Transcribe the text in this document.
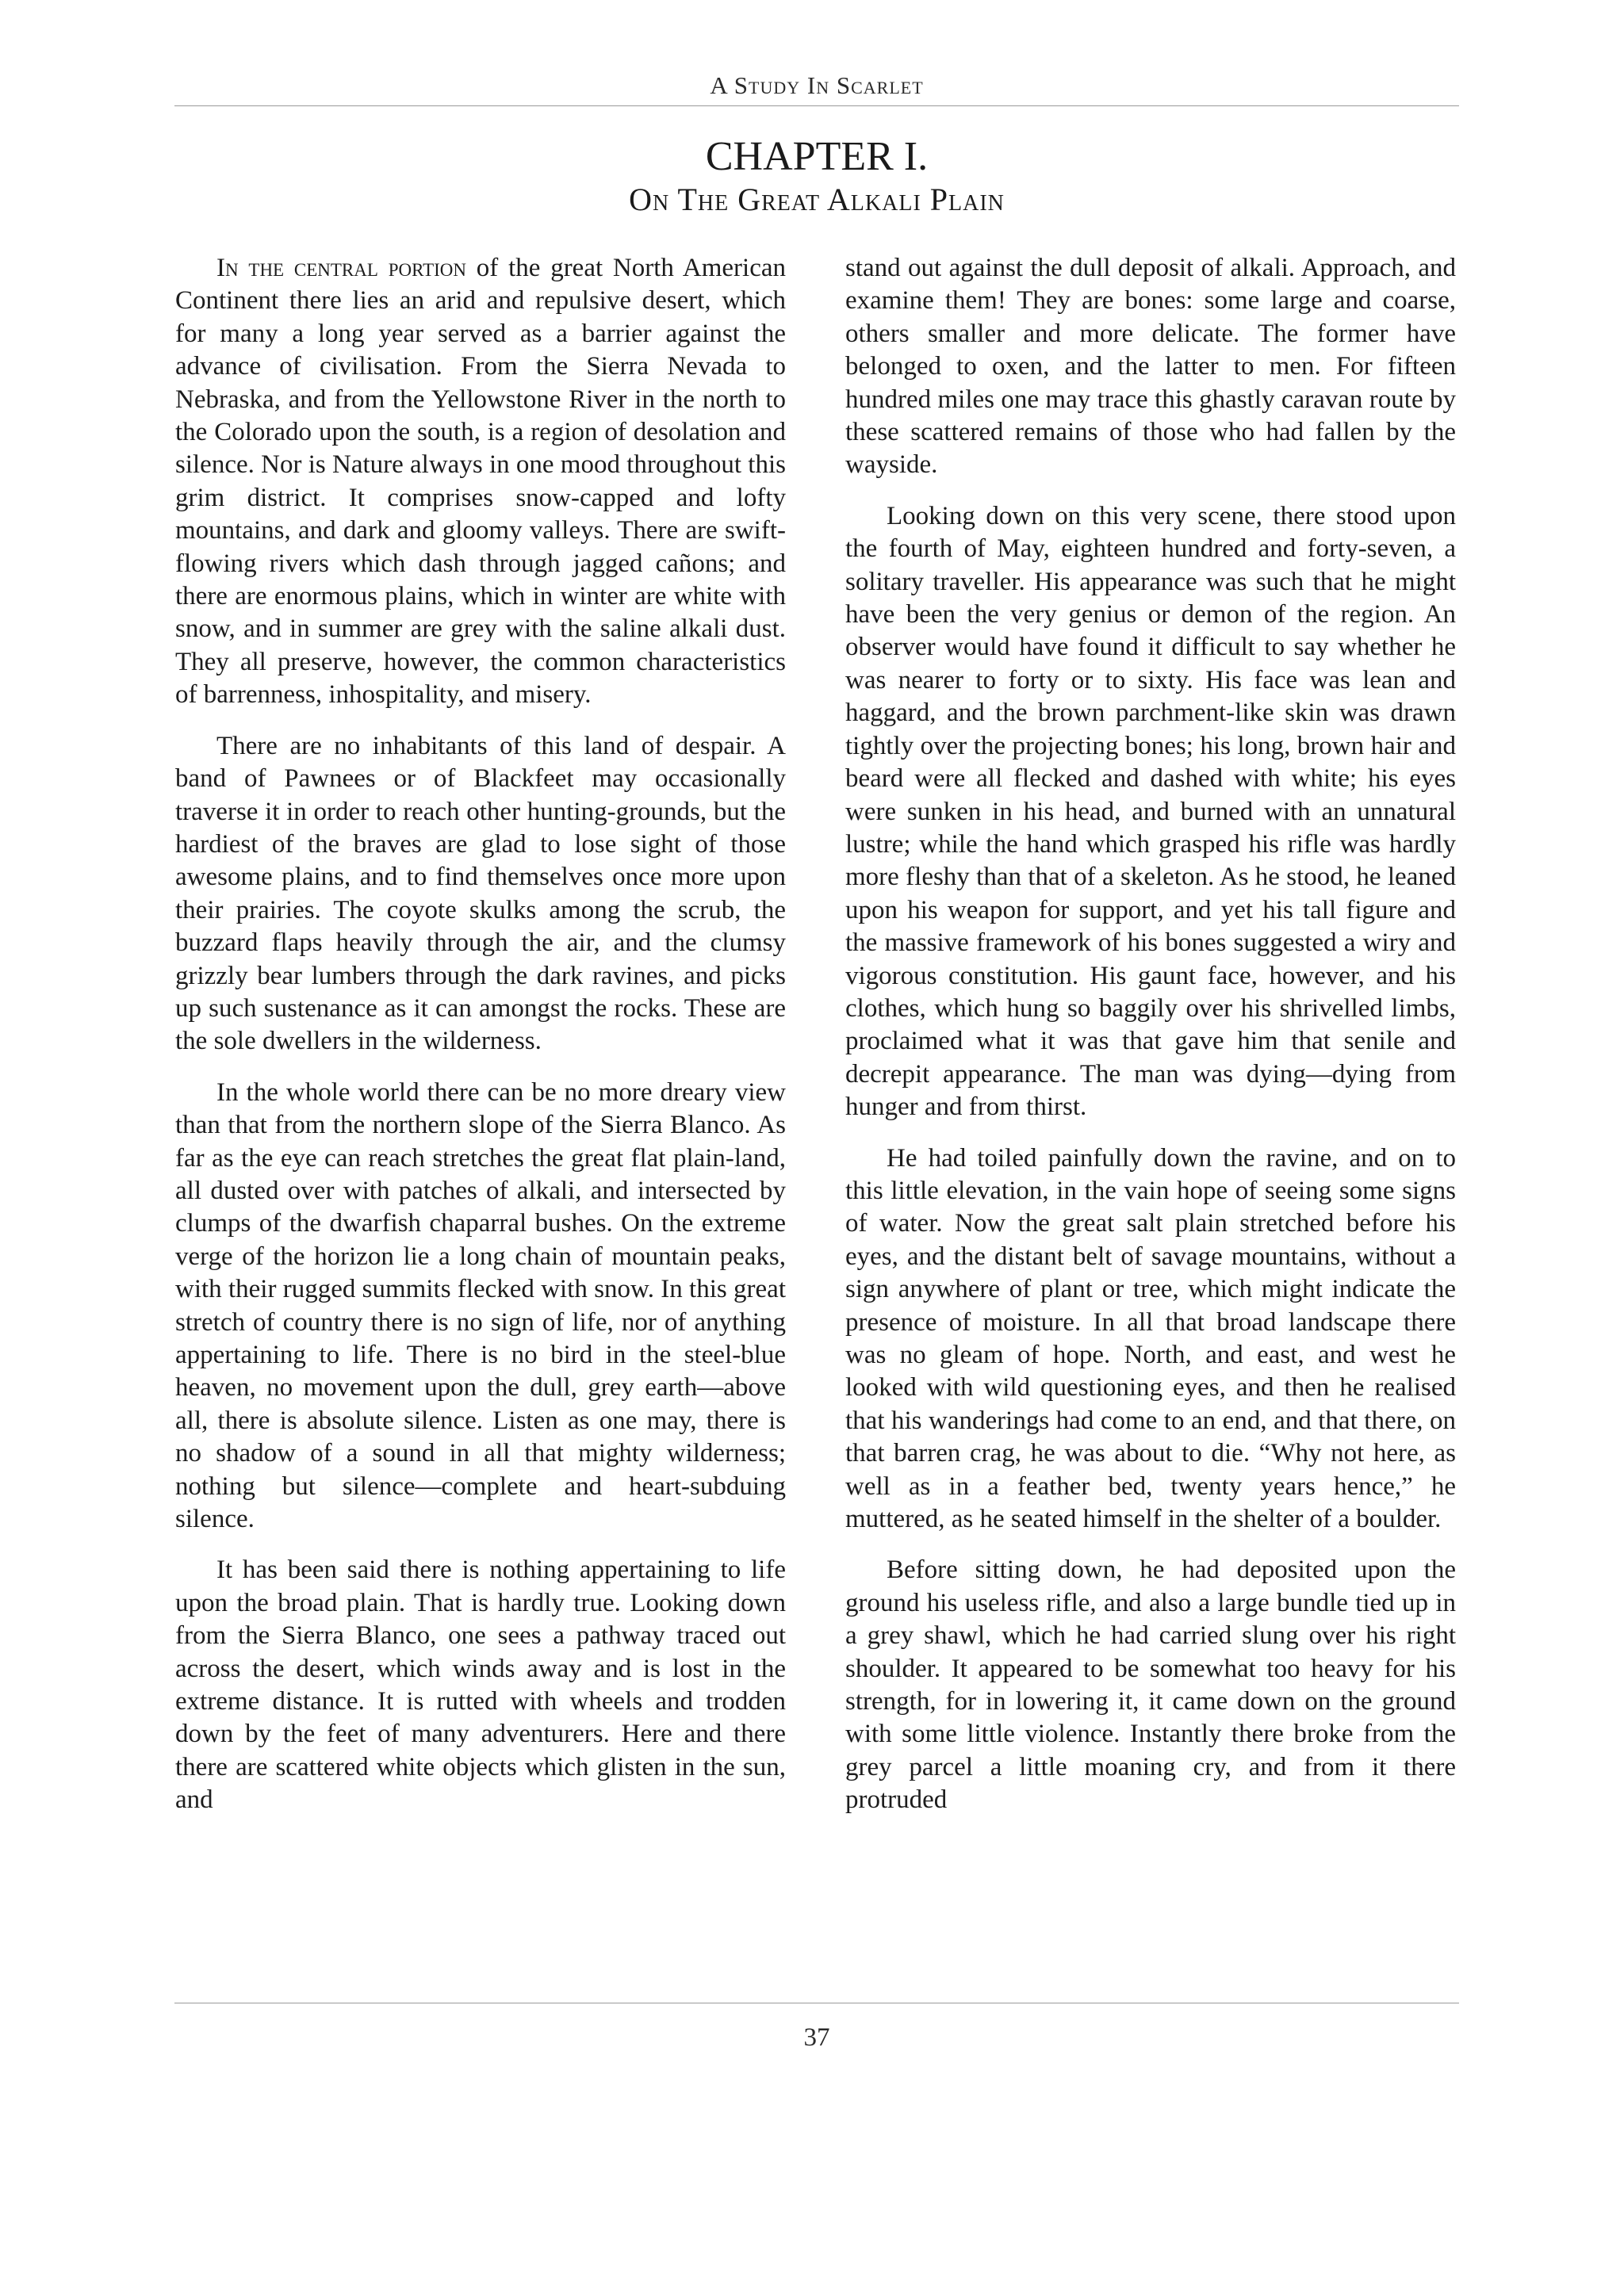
A Study In Scarlet
CHAPTER I.
On The Great Alkali Plain

In the central portion of the great North American Continent there lies an arid and repulsive desert, which for many a long year served as a barrier against the advance of civilisation. From the Sierra Nevada to Nebraska, and from the Yellowstone River in the north to the Colorado upon the south, is a region of desolation and silence. Nor is Nature always in one mood throughout this grim district. It comprises snow-capped and lofty mountains, and dark and gloomy valleys. There are swift-flowing rivers which dash through jagged cañons; and there are enormous plains, which in winter are white with snow, and in summer are grey with the saline alkali dust. They all preserve, however, the common characteristics of barrenness, inhospitality, and misery.

There are no inhabitants of this land of despair. A band of Pawnees or of Blackfeet may occasionally traverse it in order to reach other hunting-grounds, but the hardiest of the braves are glad to lose sight of those awesome plains, and to find themselves once more upon their prairies. The coyote skulks among the scrub, the buzzard flaps heavily through the air, and the clumsy grizzly bear lumbers through the dark ravines, and picks up such sustenance as it can amongst the rocks. These are the sole dwellers in the wilderness.

In the whole world there can be no more dreary view than that from the northern slope of the Sierra Blanco. As far as the eye can reach stretches the great flat plain-land, all dusted over with patches of alkali, and intersected by clumps of the dwarfish chaparral bushes. On the extreme verge of the horizon lie a long chain of mountain peaks, with their rugged summits flecked with snow. In this great stretch of country there is no sign of life, nor of anything appertaining to life. There is no bird in the steel-blue heaven, no movement upon the dull, grey earth—above all, there is absolute silence. Listen as one may, there is no shadow of a sound in all that mighty wilderness; nothing but silence—complete and heart-subduing silence.

It has been said there is nothing appertaining to life upon the broad plain. That is hardly true. Looking down from the Sierra Blanco, one sees a pathway traced out across the desert, which winds away and is lost in the extreme distance. It is rutted with wheels and trodden down by the feet of many adventurers. Here and there there are scattered white objects which glisten in the sun, and

stand out against the dull deposit of alkali. Approach, and examine them! They are bones: some large and coarse, others smaller and more delicate. The former have belonged to oxen, and the latter to men. For fifteen hundred miles one may trace this ghastly caravan route by these scattered remains of those who had fallen by the wayside.

Looking down on this very scene, there stood upon the fourth of May, eighteen hundred and forty-seven, a solitary traveller. His appearance was such that he might have been the very genius or demon of the region. An observer would have found it difficult to say whether he was nearer to forty or to sixty. His face was lean and haggard, and the brown parchment-like skin was drawn tightly over the projecting bones; his long, brown hair and beard were all flecked and dashed with white; his eyes were sunken in his head, and burned with an unnatural lustre; while the hand which grasped his rifle was hardly more fleshy than that of a skeleton. As he stood, he leaned upon his weapon for support, and yet his tall figure and the massive framework of his bones suggested a wiry and vigorous constitution. His gaunt face, however, and his clothes, which hung so baggily over his shrivelled limbs, proclaimed what it was that gave him that senile and decrepit appearance. The man was dying—dying from hunger and from thirst.

He had toiled painfully down the ravine, and on to this little elevation, in the vain hope of seeing some signs of water. Now the great salt plain stretched before his eyes, and the distant belt of savage mountains, without a sign anywhere of plant or tree, which might indicate the presence of moisture. In all that broad landscape there was no gleam of hope. North, and east, and west he looked with wild questioning eyes, and then he realised that his wanderings had come to an end, and that there, on that barren crag, he was about to die. “Why not here, as well as in a feather bed, twenty years hence,” he muttered, as he seated himself in the shelter of a boulder.

Before sitting down, he had deposited upon the ground his useless rifle, and also a large bundle tied up in a grey shawl, which he had carried slung over his right shoulder. It appeared to be somewhat too heavy for his strength, for in lowering it, it came down on the ground with some little violence. Instantly there broke from the grey parcel a little moaning cry, and from it there protruded

37
